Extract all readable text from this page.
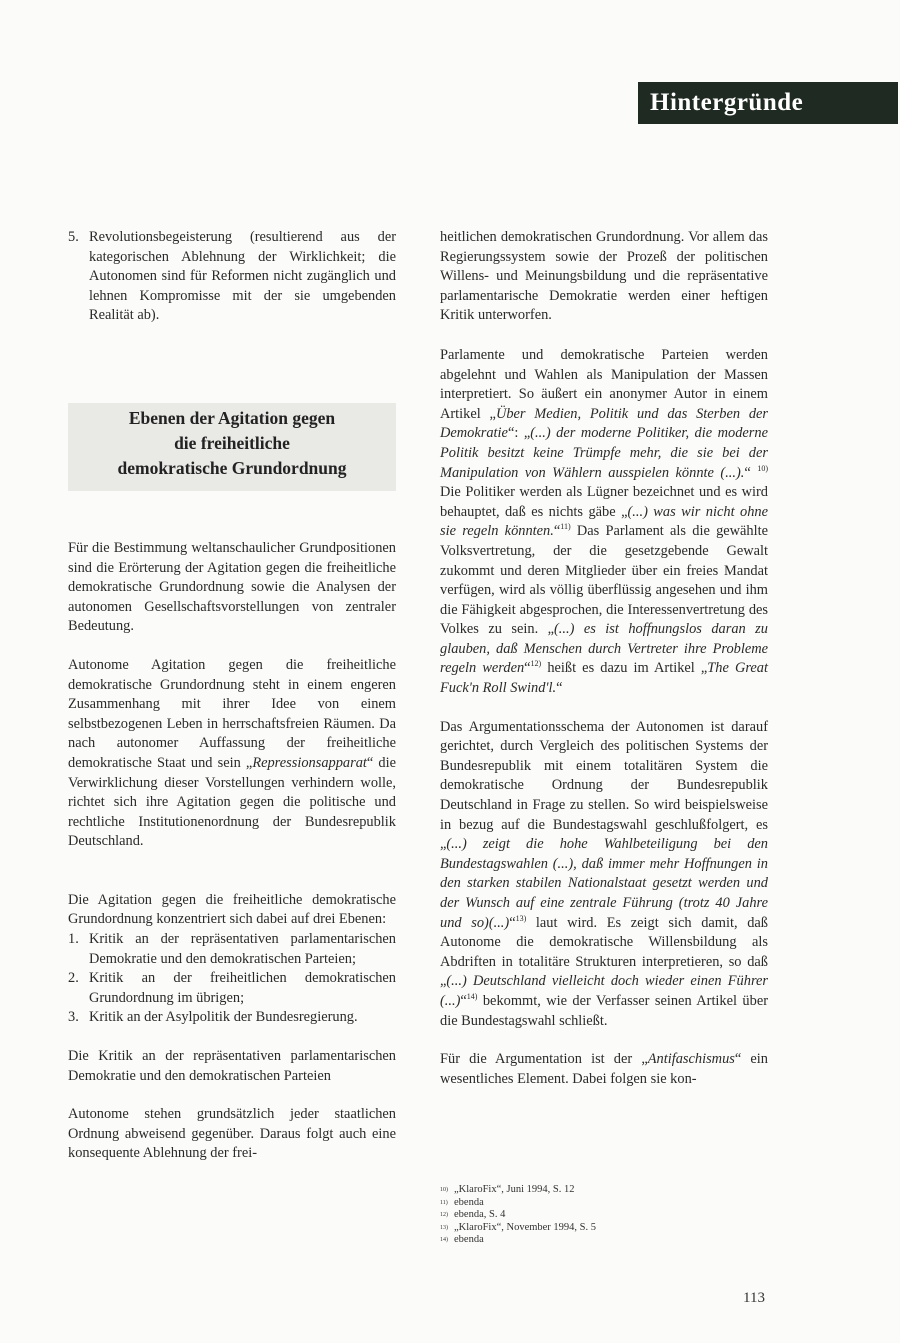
Hintergründe
5. Revolutionsbegeisterung (resultierend aus der kategorischen Ablehnung der Wirklichkeit; die Autonomen sind für Reformen nicht zugänglich und lehnen Kompromisse mit der sie umgebenden Realität ab).
Ebenen der Agitation gegen
die freiheitliche
demokratische Grundordnung

Für die Bestimmung weltanschaulicher Grundpositionen sind die Erörterung der Agitation gegen die freiheitliche demokratische Grundordnung sowie die Analysen der autonomen Gesellschaftsvorstellungen von zentraler Bedeutung.

Autonome Agitation gegen die freiheitliche demokratische Grundordnung steht in einem engeren Zusammenhang mit ihrer Idee von einem selbstbezogenen Leben in herrschaftsfreien Räumen. Da nach autonomer Auffassung der freiheitliche demokratische Staat und sein „Repressionsapparat“ die Verwirklichung dieser Vorstellungen verhindern wolle, richtet sich ihre Agitation gegen die politische und rechtliche Institutionenordnung der Bundesrepublik Deutschland.

Die Agitation gegen die freiheitliche demokratische Grundordnung konzentriert sich dabei auf drei Ebenen:

1. Kritik an der repräsentativen parlamentarischen Demokratie und den demokratischen Parteien;
2. Kritik an der freiheitlichen demokratischen Grundordnung im übrigen;
3. Kritik an der Asylpolitik der Bundesregierung.

Die Kritik an der repräsentativen parlamentarischen Demokratie und den demokratischen Parteien

Autonome stehen grundsätzlich jeder staatlichen Ordnung abweisend gegenüber. Daraus folgt auch eine konsequente Ablehnung der frei-

heitlichen demokratischen Grundordnung. Vor allem das Regierungssystem sowie der Prozeß der politischen Willens- und Meinungsbildung und die repräsentative parlamentarische Demokratie werden einer heftigen Kritik unterworfen.

Parlamente und demokratische Parteien werden abgelehnt und Wahlen als Manipulation der Massen interpretiert. So äußert ein anonymer Autor in einem Artikel „Über Medien, Politik und das Sterben der Demokratie“: „(...) der moderne Politiker, die moderne Politik besitzt keine Trümpfe mehr, die sie bei der Manipulation von Wählern ausspielen könnte (...).“ $^{10)}$ Die Politiker werden als Lügner bezeichnet und es wird behauptet, daß es nichts gäbe „(...) was wir nicht ohne sie regeln könnten.“$^{11)}$ Das Parlament als die gewählte Volksvertretung, der die gesetzgebende Gewalt zukommt und deren Mitglieder über ein freies Mandat verfügen, wird als völlig überflüssig angesehen und ihm die Fähigkeit abgesprochen, die Interessenvertretung des Volkes zu sein. „(...) es ist hoffnungslos daran zu glauben, daß Menschen durch Vertreter ihre Probleme regeln werden“$^{12)}$ heißt es dazu im Artikel „The Great Fuck'n Roll Swind'l.“

Das Argumentationsschema der Autonomen ist darauf gerichtet, durch Vergleich des politischen Systems der Bundesrepublik mit einem totalitären System die demokratische Ordnung der Bundesrepublik Deutschland in Frage zu stellen. So wird beispielsweise in bezug auf die Bundestagswahl geschlußfolgert, es „(...) zeigt die hohe Wahlbeteiligung bei den Bundestagswahlen (...), daß immer mehr Hoffnungen in den starken stabilen Nationalstaat gesetzt werden und der Wunsch auf eine zentrale Führung (trotz 40 Jahre und so)(...)“$^{13)}$ laut wird. Es zeigt sich damit, daß Autonome die demokratische Willensbildung als Abdriften in totalitäre Strukturen interpretieren, so daß „(...) Deutschland vielleicht doch wieder einen Führer (...)“$^{14)}$ bekommt, wie der Verfasser seinen Artikel über die Bundestagswahl schließt.

Für die Argumentation ist der „Antifaschismus“ ein wesentliches Element. Dabei folgen sie kon-

10) „KlaroFix“, Juni 1994, S. 12
11) ebenda
12) ebenda, S. 4
13) „KlaroFix“, November 1994, S. 5
14) ebenda
113
